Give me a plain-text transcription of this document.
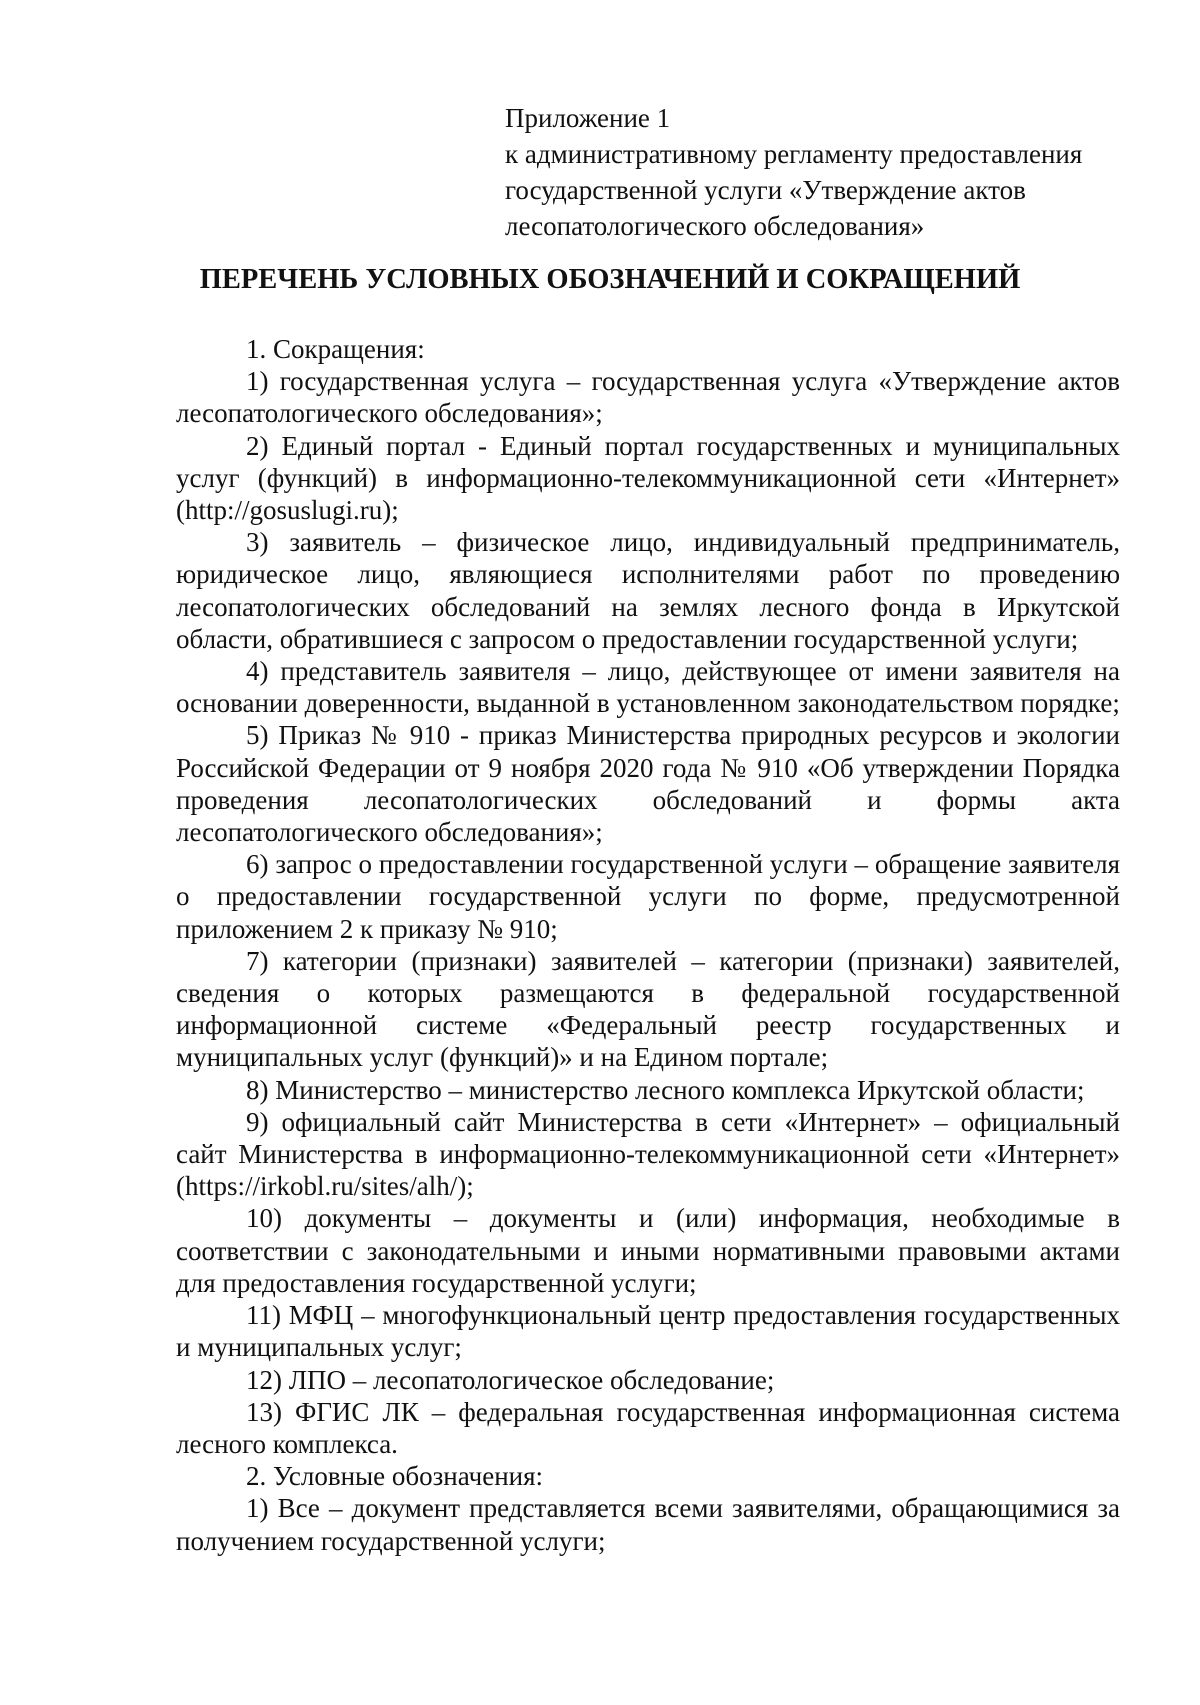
Приложение 1
к административному регламенту предоставления
государственной услуги «Утверждение актов
лесопатологического обследования»
ПЕРЕЧЕНЬ УСЛОВНЫХ ОБОЗНАЧЕНИЙ И СОКРАЩЕНИЙ

1. Сокращения:

1) государственная услуга – государственная услуга «Утверждение актов лесопатологического обследования»;

2) Единый портал - Единый портал государственных и муниципальных услуг (функций) в информационно-телекоммуникационной сети «Интернет» (http://gosuslugi.ru);

3) заявитель – физическое лицо, индивидуальный предприниматель, юридическое лицо, являющиеся исполнителями работ по проведению лесопатологических обследований на землях лесного фонда в Иркутской области, обратившиеся с запросом о предоставлении государственной услуги;

4) представитель заявителя – лицо, действующее от имени заявителя на основании доверенности, выданной в установленном законодательством порядке;

5) Приказ № 910 - приказ Министерства природных ресурсов и экологии Российской Федерации от 9 ноября 2020 года № 910 «Об утверждении Порядка проведения лесопатологических обследований и формы акта лесопатологического обследования»;

6) запрос о предоставлении государственной услуги – обращение заявителя о предоставлении государственной услуги по форме, предусмотренной приложением 2 к приказу № 910;

7) категории (признаки) заявителей – категории (признаки) заявителей, сведения о которых размещаются в федеральной государственной информационной системе «Федеральный реестр государственных и муниципальных услуг (функций)» и на Едином портале;

8) Министерство – министерство лесного комплекса Иркутской области;

9) официальный сайт Министерства в сети «Интернет» – официальный сайт Министерства в информационно-телекоммуникационной сети «Интернет» (https://irkobl.ru/sites/alh/);

10) документы – документы и (или) информация, необходимые в соответствии с законодательными и иными нормативными правовыми актами для предоставления государственной услуги;

11) МФЦ – многофункциональный центр предоставления государственных и муниципальных услуг;

12) ЛПО – лесопатологическое обследование;

13) ФГИС ЛК – федеральная государственная информационная система лесного комплекса.

2. Условные обозначения:

1) Все – документ представляется всеми заявителями, обращающимися за получением государственной услуги;
